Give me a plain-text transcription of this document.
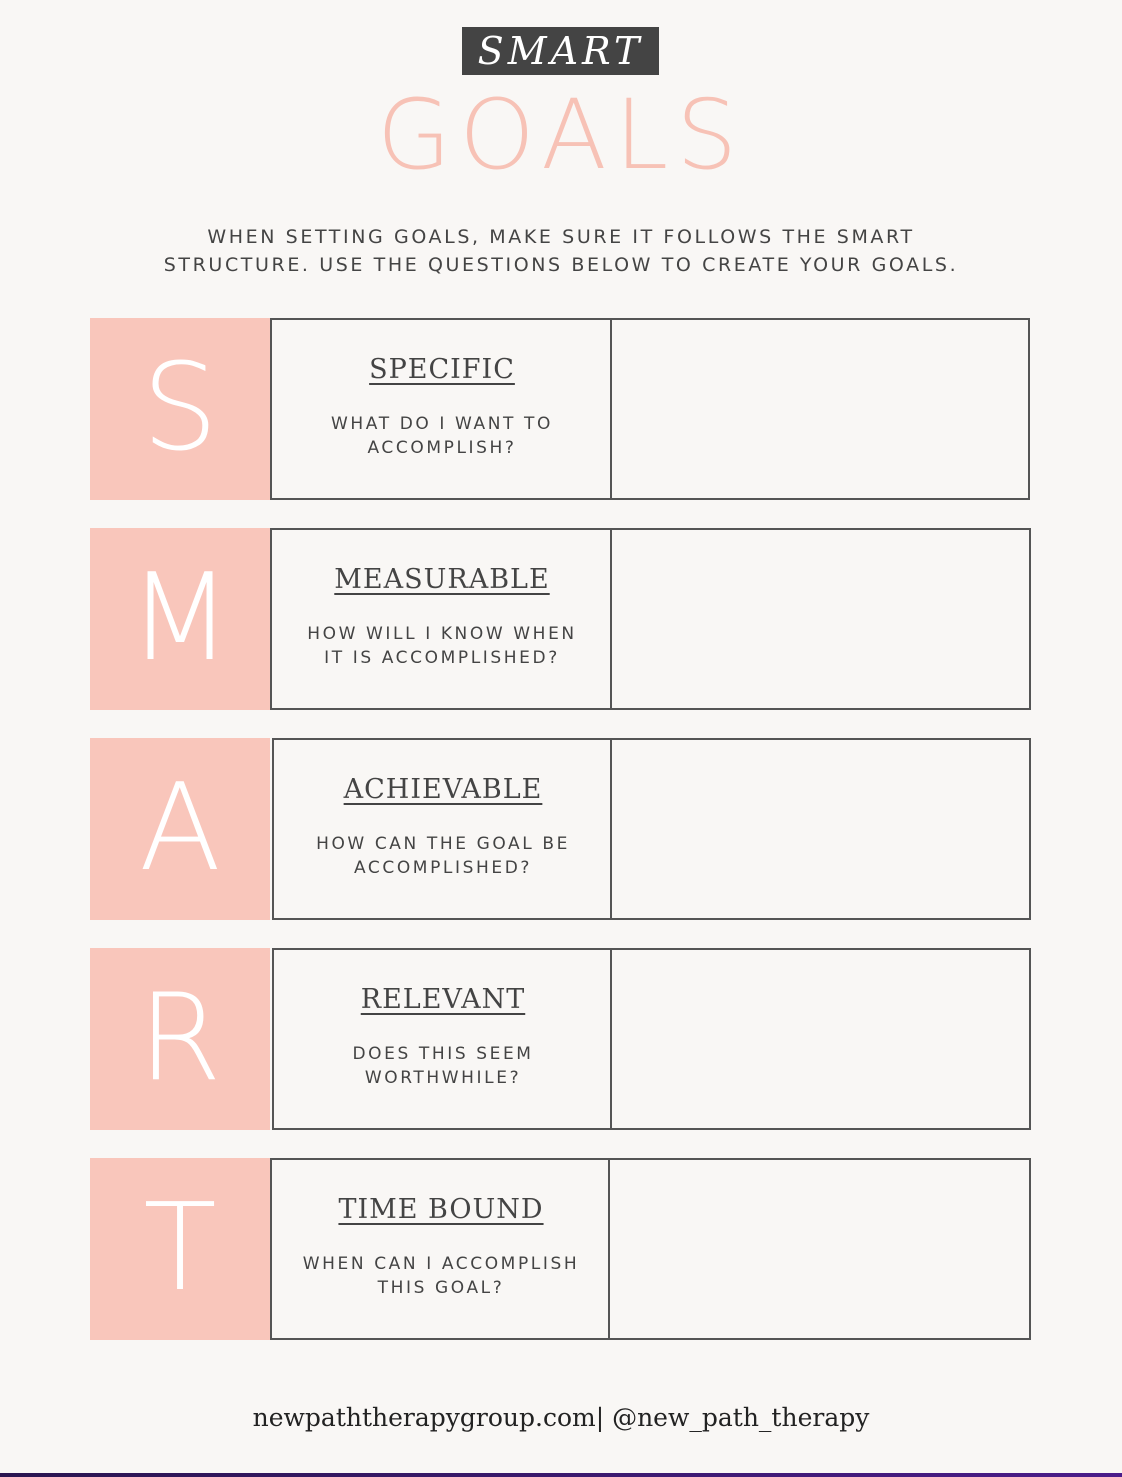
SMART
GOALS
WHEN SETTING GOALS, MAKE SURE IT FOLLOWS THE SMART
STRUCTURE. USE THE QUESTIONS BELOW TO CREATE YOUR GOALS.
S	SPECIFIC
WHAT DO I WANT TO
ACCOMPLISH?
M	MEASURABLE
HOW WILL I KNOW WHEN
IT IS ACCOMPLISHED?
A	ACHIEVABLE
HOW CAN THE GOAL BE
ACCOMPLISHED?
R	RELEVANT
DOES THIS SEEM
WORTHWHILE?
T	TIME BOUND
WHEN CAN I ACCOMPLISH
THIS GOAL?
newpaththerapygroup.com| @new_path_therapy
